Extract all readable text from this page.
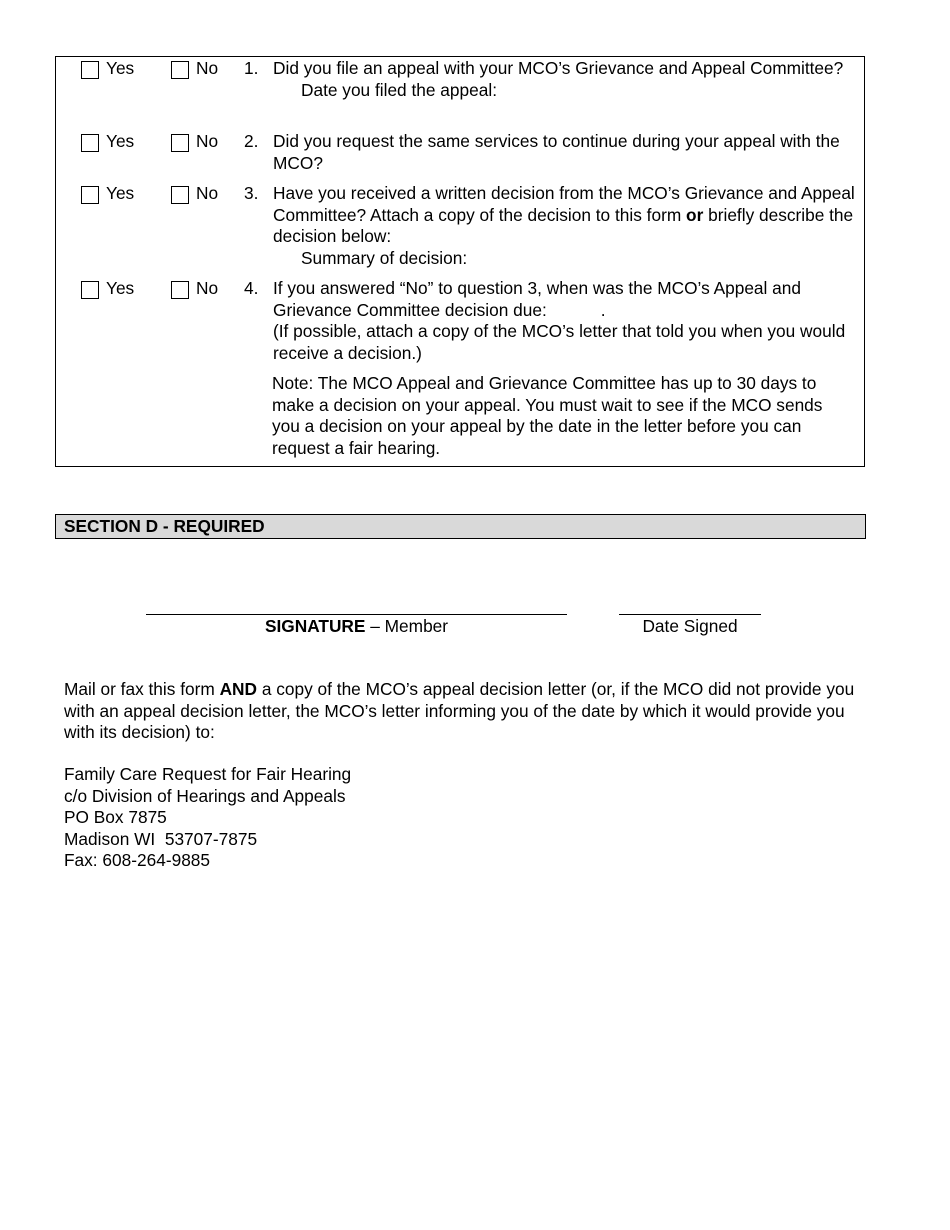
Yes	No 1. Did you file an appeal with your MCO’s Grievance and Appeal Committee?
Date you filed the appeal:
Yes	No 2. Did you request the same services to continue during your appeal with the MCO?
Yes	No 3. Have you received a written decision from the MCO’s Grievance and Appeal Committee? Attach a copy of the decision to this form or briefly describe the decision below:
Summary of decision:
Yes	No 4. If you answered “No” to question 3, when was the MCO’s Appeal and Grievance Committee decision due:	.
(If possible, attach a copy of the MCO’s letter that told you when you would receive a decision.)
Note: The MCO Appeal and Grievance Committee has up to 30 days to make a decision on your appeal. You must wait to see if the MCO sends you a decision on your appeal by the date in the letter before you can request a fair hearing.
SECTION D - REQUIRED
SIGNATURE – Member	Date Signed
Mail or fax this form AND a copy of the MCO’s appeal decision letter (or, if the MCO did not provide you with an appeal decision letter, the MCO’s letter informing you of the date by which it would provide you with its decision) to:
Family Care Request for Fair Hearing
c/o Division of Hearings and Appeals
PO Box 7875
Madison WI  53707-7875
Fax: 608-264-9885
